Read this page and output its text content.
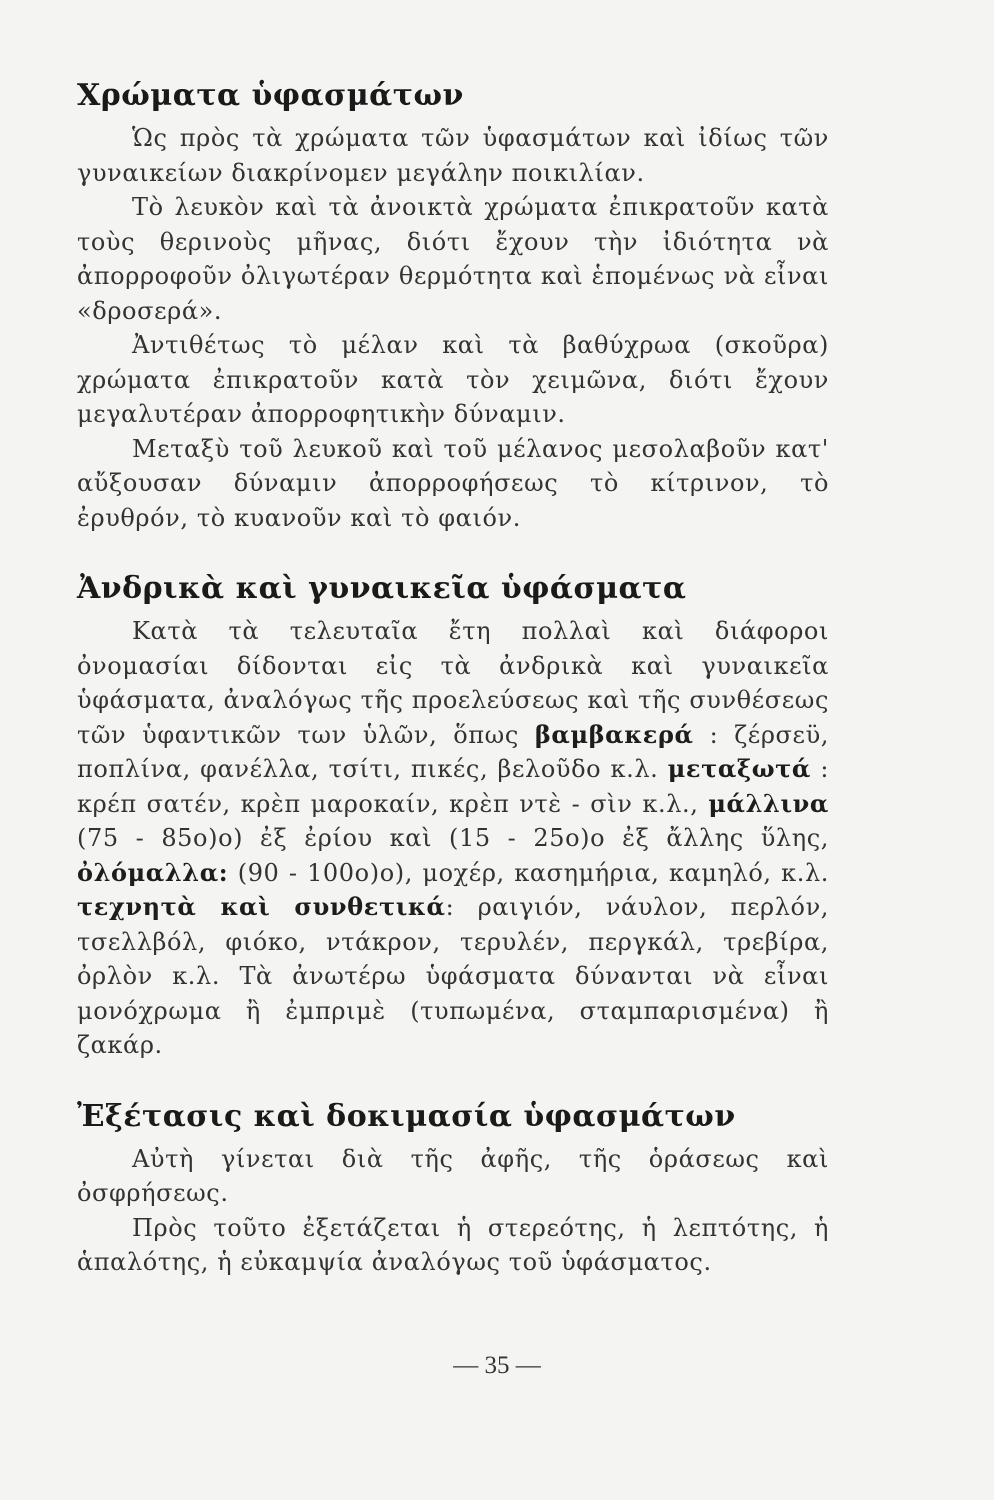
Χρώματα ὑφασμάτων

Ὡς πρὸς τὰ χρώματα τῶν ὑφασμάτων καὶ ἰδίως τῶν γυναικείων διακρίνομεν μεγάλην ποικιλίαν.

Τὸ λευκὸν καὶ τὰ ἀνοικτὰ χρώματα ἐπικρατοῦν κατὰ τοὺς θερινοὺς μῆνας, διότι ἔχουν τὴν ἰδιότητα νὰ ἀπορροφοῦν ὀλιγωτέραν θερμότητα καὶ ἑπομένως νὰ εἶναι «δροσερά».

Ἀντιθέτως τὸ μέλαν καὶ τὰ βαθύχρωα (σκοῦρα) χρώματα ἐπικρατοῦν κατὰ τὸν χειμῶνα, διότι ἔχουν μεγαλυτέραν ἀπορροφητικὴν δύναμιν.

Μεταξὺ τοῦ λευκοῦ καὶ τοῦ μέλανος μεσολαβοῦν κατ' αὔξουσαν δύναμιν ἀπορροφήσεως τὸ κίτρινον, τὸ ἐρυθρόν, τὸ κυανοῦν καὶ τὸ φαιόν.

Ἀνδρικὰ καὶ γυναικεῖα ὑφάσματα

Κατὰ τὰ τελευταῖα ἔτη πολλαὶ καὶ διάφοροι ὀνομασίαι δίδονται εἰς τὰ ἀνδρικὰ καὶ γυναικεῖα ὑφάσματα, ἀναλόγως τῆς προελεύσεως καὶ τῆς συνθέσεως τῶν ὑφαντικῶν των ὑλῶν, ὅπως βαμβακερά : ζέρσεϋ, ποπλίνα, φανέλλα, τσίτι, πικές, βελοῦδο κ.λ. μεταξωτά : κρέπ σατέν, κρὲπ μαροκαίν, κρὲπ ντὲ - σὶν κ.λ., μάλλινα (75 - 85ο)ο) ἐξ ἐρίου καὶ (15 - 25ο)ο ἐξ ἄλλης ὕλης, ὀλόμαλλα: (90 - 100ο)ο), μοχέρ, κασημήρια, καμηλό, κ.λ. τεχνητὰ καὶ συνθετικά: ραιγιόν, νάυλον, περλόν, τσελλβόλ, φιόκο, ντάκρον, τερυλέν, περγκάλ, τρεβίρα, ὀρλὸν κ.λ. Τὰ ἀνωτέρω ὑφάσματα δύνανται νὰ εἶναι μονόχρωμα ἢ ἐμπριμὲ (τυπωμένα, σταμπαρισμένα) ἢ ζακάρ.

Ἐξέτασις καὶ δοκιμασία ὑφασμάτων

Αὐτὴ γίνεται διὰ τῆς ἀφῆς, τῆς ὁράσεως καὶ ὀσφρήσεως.

Πρὸς τοῦτο ἐξετάζεται ἡ στερεότης, ἡ λεπτότης, ἡ ἁπαλότης, ἡ εὐκαμψία ἀναλόγως τοῦ ὑφάσματος.

— 35 —
